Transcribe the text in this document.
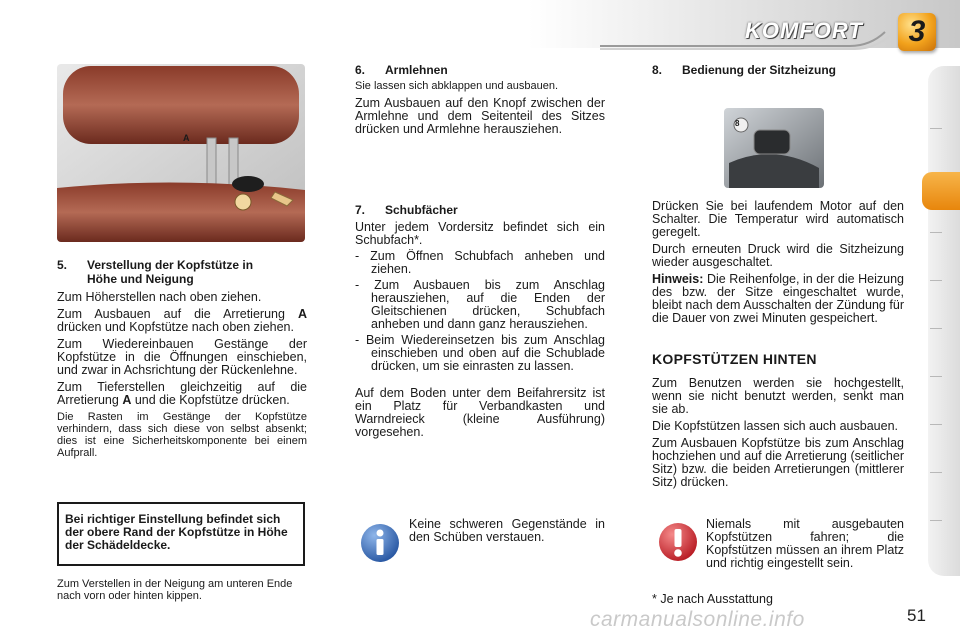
KOMFORT	3
A
5.	Verstellung der Kopfstütze in
Höhe und Neigung

Zum Höherstellen nach oben ziehen.

Zum Ausbauen auf die Arretierung A drücken und Kopfstütze nach oben ziehen.

Zum Wiedereinbauen Gestänge der Kopfstütze in die Öffnungen einschieben, und zwar in Achsrichtung der Rückenlehne.

Zum Tieferstellen gleichzeitig auf die Arretierung A und die Kopfstütze drücken.

Die Rasten im Gestänge der Kopfstütze verhindern, dass sich diese von selbst absenkt; dies ist eine Sicherheitskomponente bei einem Aufprall.

Bei richtiger Einstellung befindet sich der obere Rand der Kopfstütze in Höhe der Schädeldecke.
Zum Verstellen in der Neigung am unteren Ende nach vorn oder hinten kippen.
6.	Armlehnen
Sie lassen sich abklappen und ausbauen.

Zum Ausbauen auf den Knopf zwischen der Armlehne und dem Seitenteil des Sitzes drücken und Armlehne herausziehen.

7.	Schubfächer

Unter jedem Vordersitz befindet sich ein Schubfach*.

- Zum Öffnen Schubfach anheben und ziehen.

- Zum Ausbauen bis zum Anschlag herausziehen, auf die Enden der Gleitschienen drücken, Schubfach anheben und dann ganz herausziehen.

- Beim Wiedereinsetzen bis zum Anschlag einschieben und oben auf die Schublade drücken, um sie einrasten zu lassen.

Auf dem Boden unter dem Beifahrersitz ist ein Platz für Verbandkasten und Warndreieck (kleine Ausführung) vorgesehen.

Keine schweren Gegenstände in den Schüben verstauen.
8.	Bedienung der Sitzheizung
8

Drücken Sie bei laufendem Motor auf den Schalter. Die Temperatur wird automatisch geregelt.

Durch erneuten Druck wird die Sitzheizung wieder ausgeschaltet.

Hinweis: Die Reihenfolge, in der die Heizung des bzw. der Sitze eingeschaltet wurde, bleibt nach dem Ausschalten der Zündung für die Dauer von zwei Minuten gespeichert.

KOPFSTÜTZEN HINTEN

Zum Benutzen werden sie hochgestellt, wenn sie nicht benutzt werden, senkt man sie ab.

Die Kopfstützen lassen sich auch ausbauen.

Zum Ausbauen Kopfstütze bis zum Anschlag hochziehen und auf die Arretierung (seitlicher Sitz) bzw. die beiden Arretierungen (mittlerer Sitz) drücken.

Niemals mit ausgebauten Kopfstützen fahren; die Kopfstützen müssen an ihrem Platz und richtig eingestellt sein.
* Je nach Ausstattung
carmanualsonline.info	51
